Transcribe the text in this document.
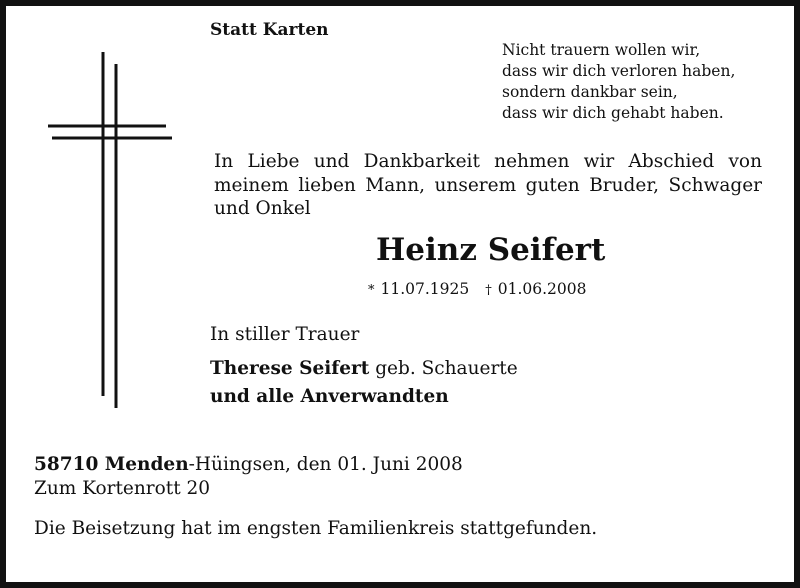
Statt Karten
Nicht trauern wollen wir,
dass wir dich verloren haben,
sondern dankbar sein,
dass wir dich gehabt haben.
In Liebe und Dankbarkeit nehmen wir Abschied von
meinem lieben Mann, unserem guten Bruder, Schwager
und Onkel
Heinz Seifert
* 11.07.1925 † 01.06.2008
In stiller Trauer
Therese Seifert geb. Schauerte
und alle Anverwandten
58710 Menden-Hüingsen, den 01. Juni 2008
Zum Kortenrott 20
Die Beisetzung hat im engsten Familienkreis stattgefunden.
